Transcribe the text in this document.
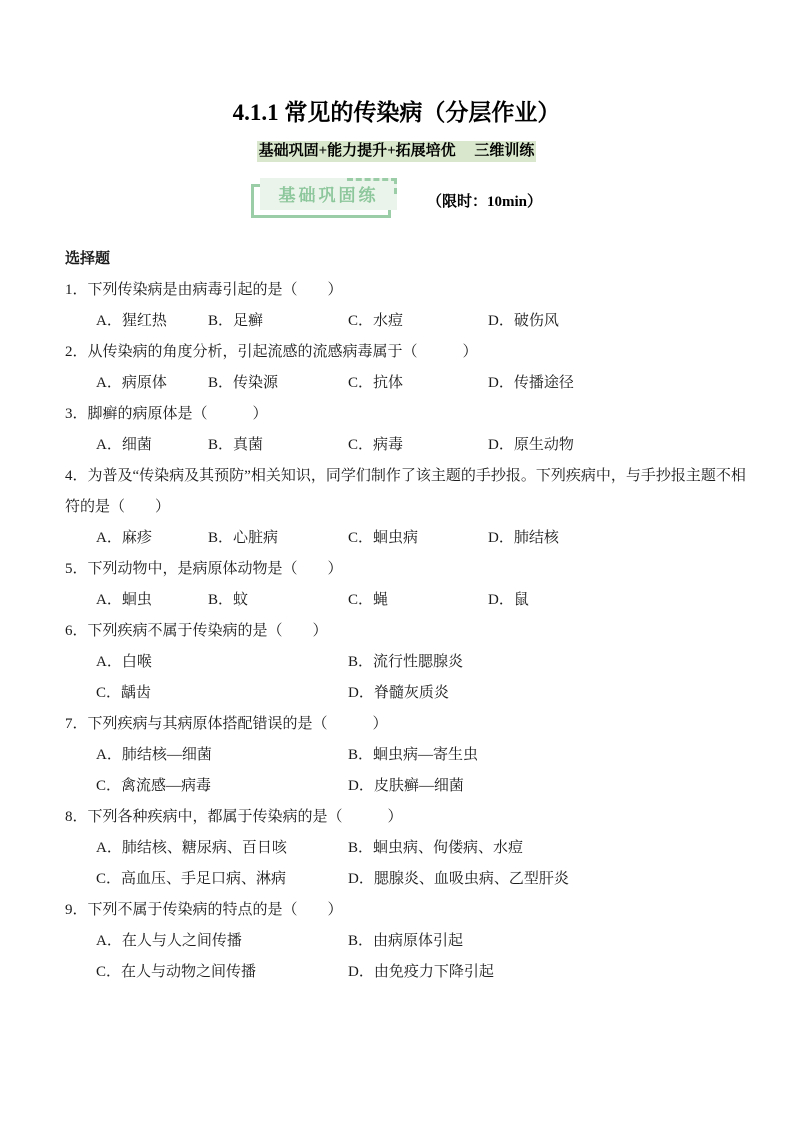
4.1.1 常见的传染病（分层作业）
基础巩固+能力提升+拓展培优　 三维训练
基础巩固练	（限时：10min）
选择题
1．下列传染病是由病毒引起的是（　　）

A．猩红热

	B．足癣

	C．水痘

	D．破伤风

2．从传染病的角度分析，引起流感的流感病毒属于（　　　）

A．病原体

	B．传染源

	C．抗体

	D．传播途径

3．脚癣的病原体是（　　　）

A．细菌

	B．真菌

	C．病毒

	D．原生动物

4．为普及“传染病及其预防”相关知识，同学们制作了该主题的手抄报。下列疾病中，与手抄报主题不相
符的是（　　）

A．麻疹

	B．心脏病

	C．蛔虫病

	D．肺结核

5．下列动物中，是病原体动物是（　　）

A．蛔虫

	B．蚊

	C．蝇

	D．鼠

6．下列疾病不属于传染病的是（　　）

A．白喉

	B．流行性腮腺炎

C．龋齿

	D．脊髓灰质炎

7．下列疾病与其病原体搭配错误的是（　　　）

A．肺结核—细菌

	B．蛔虫病—寄生虫

C．禽流感—病毒

	D．皮肤癣—细菌

8．下列各种疾病中，都属于传染病的是（　　　）

A．肺结核、糖尿病、百日咳

	B．蛔虫病、佝偻病、水痘

C．高血压、手足口病、淋病

	D．腮腺炎、血吸虫病、乙型肝炎

9．下列不属于传染病的特点的是（　　）

A．在人与人之间传播

	B．由病原体引起

C．在人与动物之间传播

	D．由免疫力下降引起
